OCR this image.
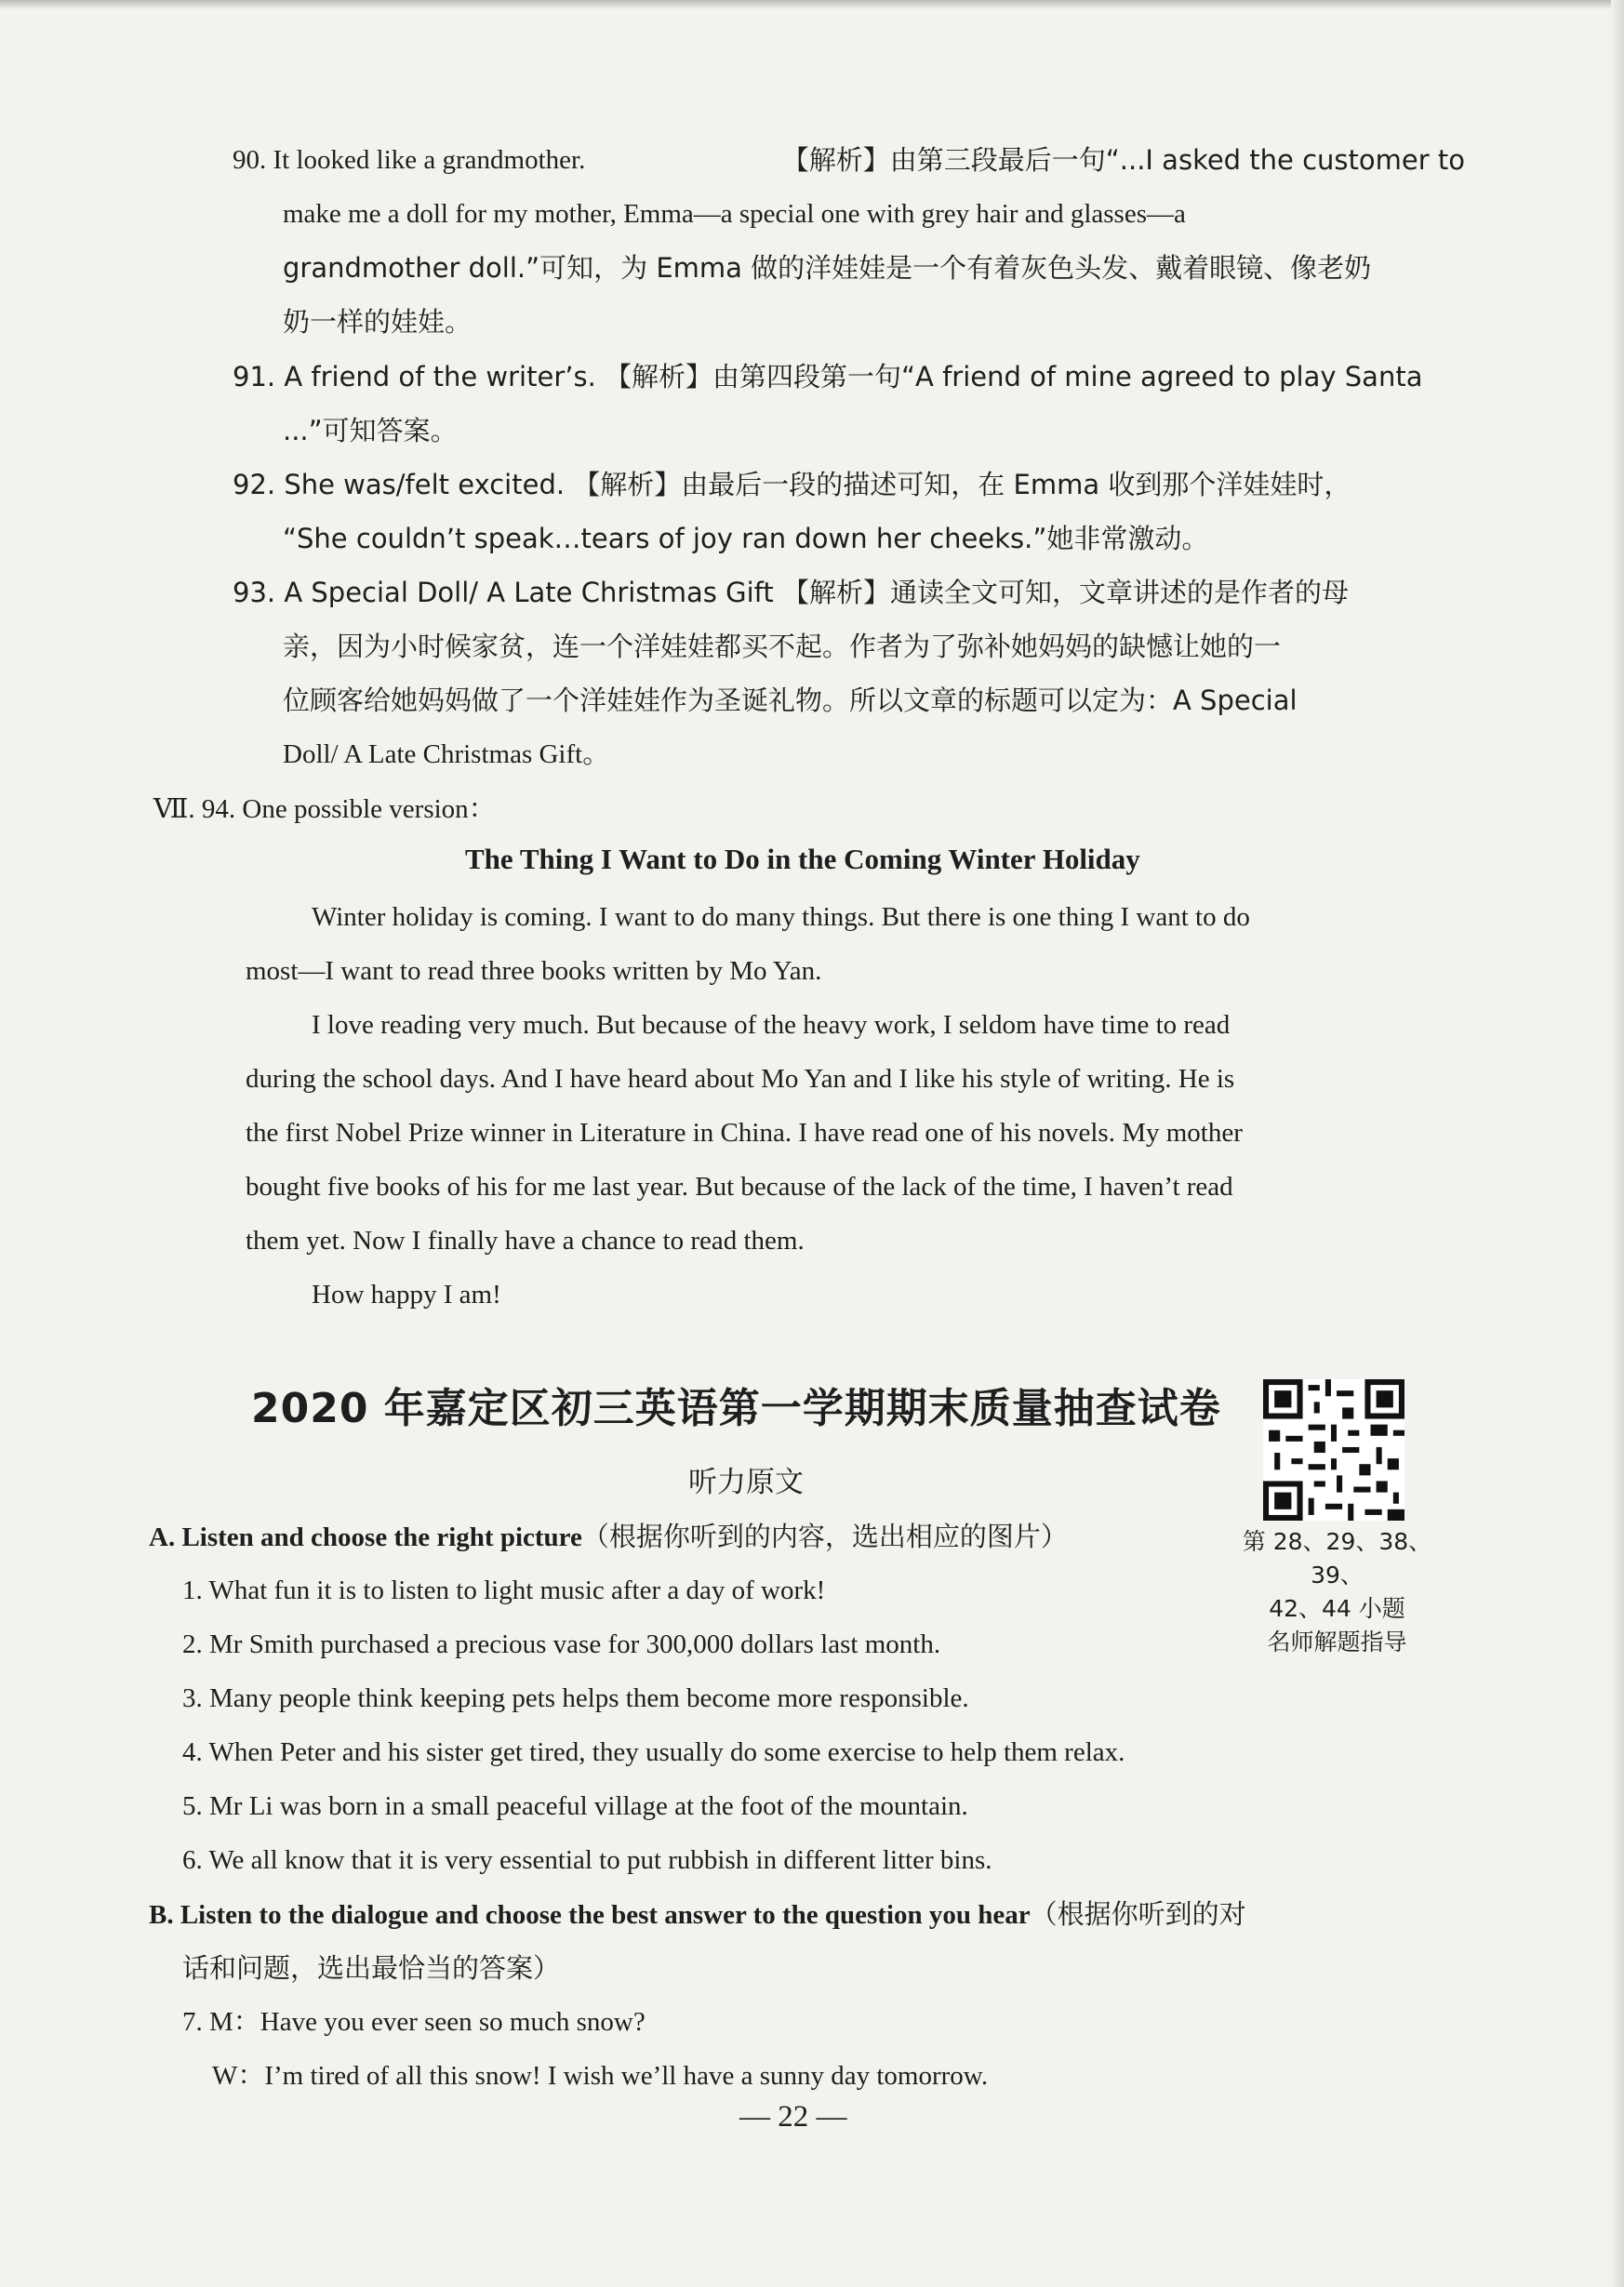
90. It looked like a grandmother.	【解析】由第三段最后一句“...I asked the customer to
make me a doll for my mother, Emma—a special one with grey hair and glasses—a
grandmother doll.”可知，为 Emma 做的洋娃娃是一个有着灰色头发、戴着眼镜、像老奶
奶一样的娃娃。
91. A friend of the writer’s. 【解析】由第四段第一句“A friend of mine agreed to play Santa
...”可知答案。
92. She was/felt excited. 【解析】由最后一段的描述可知，在 Emma 收到那个洋娃娃时，
“She couldn’t speak…tears of joy ran down her cheeks.”她非常激动。
93. A Special Doll/ A Late Christmas Gift 【解析】通读全文可知，文章讲述的是作者的母
亲，因为小时候家贫，连一个洋娃娃都买不起。作者为了弥补她妈妈的缺憾让她的一
位顾客给她妈妈做了一个洋娃娃作为圣诞礼物。所以文章的标题可以定为：A Special
Doll/ A Late Christmas Gift。
Ⅶ. 94. One possible version：
The Thing I Want to Do in the Coming Winter Holiday
Winter holiday is coming. I want to do many things. But there is one thing I want to do
most—I want to read three books written by Mo Yan.
I love reading very much. But because of the heavy work, I seldom have time to read
during the school days. And I have heard about Mo Yan and I like his style of writing. He is
the first Nobel Prize winner in Literature in China. I have read one of his novels. My mother
bought five books of his for me last year. But because of the lack of the time, I haven’t read
them yet. Now I finally have a chance to read them.
How happy I am!
2020 年嘉定区初三英语第一学期期末质量抽查试卷
听力原文
第 28、29、38、39、
42、44 小题
名师解题指导
A. Listen and choose the right picture（根据你听到的内容，选出相应的图片）
1. What fun it is to listen to light music after a day of work!
2. Mr Smith purchased a precious vase for 300,000 dollars last month.
3. Many people think keeping pets helps them become more responsible.
4. When Peter and his sister get tired, they usually do some exercise to help them relax.
5. Mr Li was born in a small peaceful village at the foot of the mountain.
6. We all know that it is very essential to put rubbish in different litter bins.
B. Listen to the dialogue and choose the best answer to the question you hear（根据你听到的对
话和问题，选出最恰当的答案）
7. M：Have you ever seen so much snow?
W：I’m tired of all this snow! I wish we’ll have a sunny day tomorrow.
— 22 —
